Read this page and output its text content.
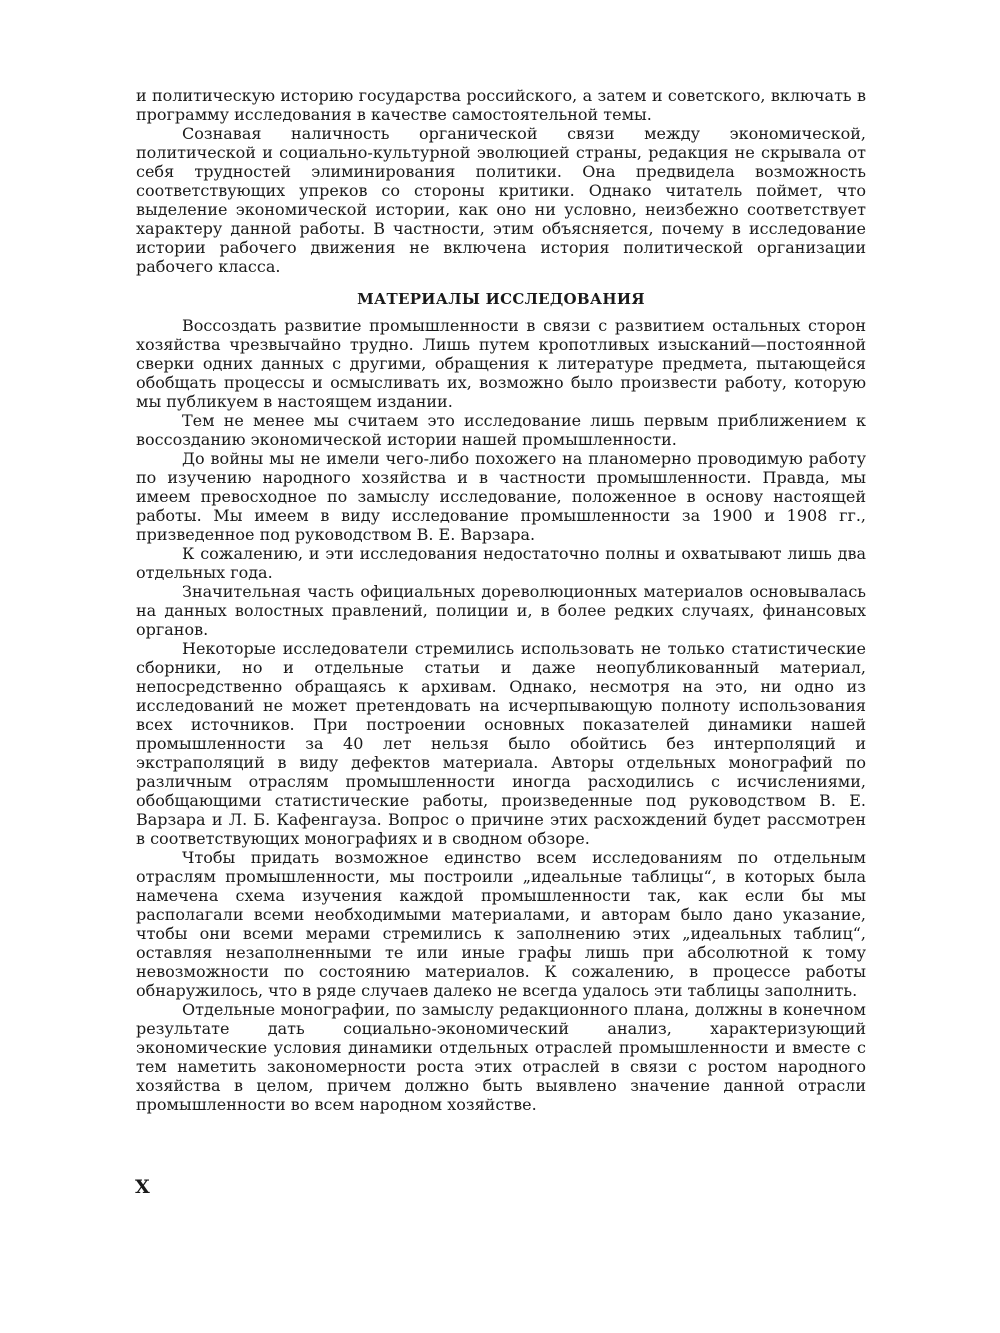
и политическую историю государства российского, а затем и советского, включать в программу исследования в качестве самостоятельной темы.

Сознавая наличность органической связи между экономической, политической и социально-культурной эволюцией страны, редакция не скрывала от себя трудностей элиминирования политики. Она предвидела возможность соответствующих упреков со стороны критики. Однако читатель поймет, что выделение экономической истории, как оно ни условно, неизбежно соответствует характеру данной работы. В частности, этим объясняется, почему в исследование истории рабочего движения не включена история политической организации рабочего класса.

МАТЕРИАЛЫ ИССЛЕДОВАНИЯ

Воссоздать развитие промышленности в связи с развитием остальных сторон хозяйства чрезвычайно трудно. Лишь путем кропотливых изысканий—постоянной сверки одних данных с другими, обращения к литературе предмета, пытающейся обобщать процессы и осмысливать их, возможно было произвести работу, которую мы публикуем в настоящем издании.

Тем не менее мы считаем это исследование лишь первым приближением к воссозданию экономической истории нашей промышленности.

До войны мы не имели чего-либо похожего на планомерно проводимую работу по изучению народного хозяйства и в частности промышленности. Правда, мы имеем превосходное по замыслу исследование, положенное в основу настоящей работы. Мы имеем в виду исследование промышленности за 1900 и 1908 гг., призведенное под руководством В. Е. Варзара.

К сожалению, и эти исследования недостаточно полны и охватывают лишь два отдельных года.

Значительная часть официальных дореволюционных материалов основывалась на данных волостных правлений, полиции и, в более редких случаях, финансовых органов.

Некоторые исследователи стремились использовать не только статистические сборники, но и отдельные статьи и даже неопубликованный материал, непосредственно обращаясь к архивам. Однако, несмотря на это, ни одно из исследований не может претендовать на исчерпывающую полноту использования всех источников. При построении основных показателей динамики нашей промышленности за 40 лет нельзя было обойтись без интерполяций и экстраполяций в виду дефектов материала. Авторы отдельных монографий по различным отраслям промышленности иногда расходились с исчислениями, обобщающими статистические работы, произведенные под руководством В. Е. Варзара и Л. Б. Кафенгауза. Вопрос о причине этих расхождений будет рассмотрен в соответствующих монографиях и в сводном обзоре.

Чтобы придать возможное единство всем исследованиям по отдельным отраслям промышленности, мы построили „идеальные таблицы“, в которых была намечена схема изучения каждой промышленности так, как если бы мы располагали всеми необходимыми материалами, и авторам было дано указание, чтобы они всеми мерами стремились к заполнению этих „идеальных таблиц“, оставляя незаполненными те или иные графы лишь при абсолютной к тому невозможности по состоянию материалов. К сожалению, в процессе работы обнаружилось, что в ряде случаев далеко не всегда удалось эти таблицы заполнить.

Отдельные монографии, по замыслу редакционного плана, должны в конечном результате дать социально-экономический анализ, характеризующий экономические условия динамики отдельных отраслей промышленности и вместе с тем наметить закономерности роста этих отраслей в связи с ростом народного хозяйства в целом, причем должно быть выявлено значение данной отрасли промышленности во всем народном хозяйстве.

X
